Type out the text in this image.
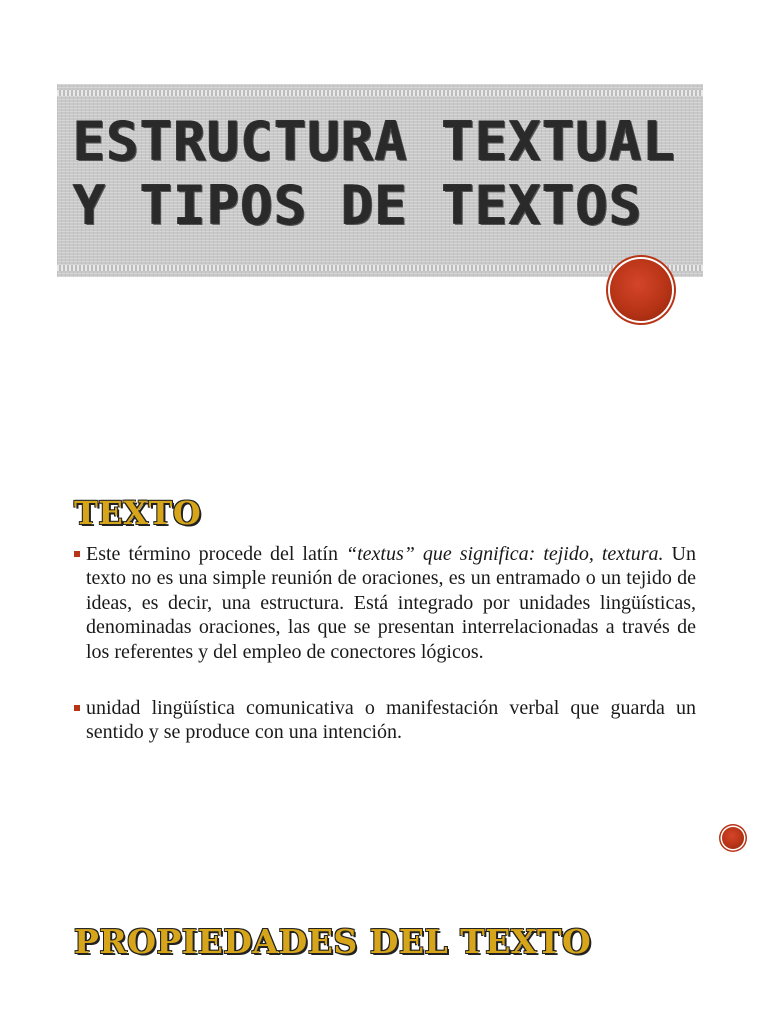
ESTRUCTURA TEXTUAL
Y TIPOS DE TEXTOS
TEXTO
Este término procede del latín “textus” que significa: tejido, textura. Un texto no es una simple reunión de oraciones, es un entramado o un tejido de ideas, es decir, una estructura. Está integrado por unidades lingüísticas, denominadas oraciones, las que se presentan interrelacionadas a través de los referentes y del empleo de conectores lógicos.
unidad lingüística comunicativa o manifestación verbal que guarda un sentido y se produce con una intención.
PROPIEDADES DEL TEXTO
